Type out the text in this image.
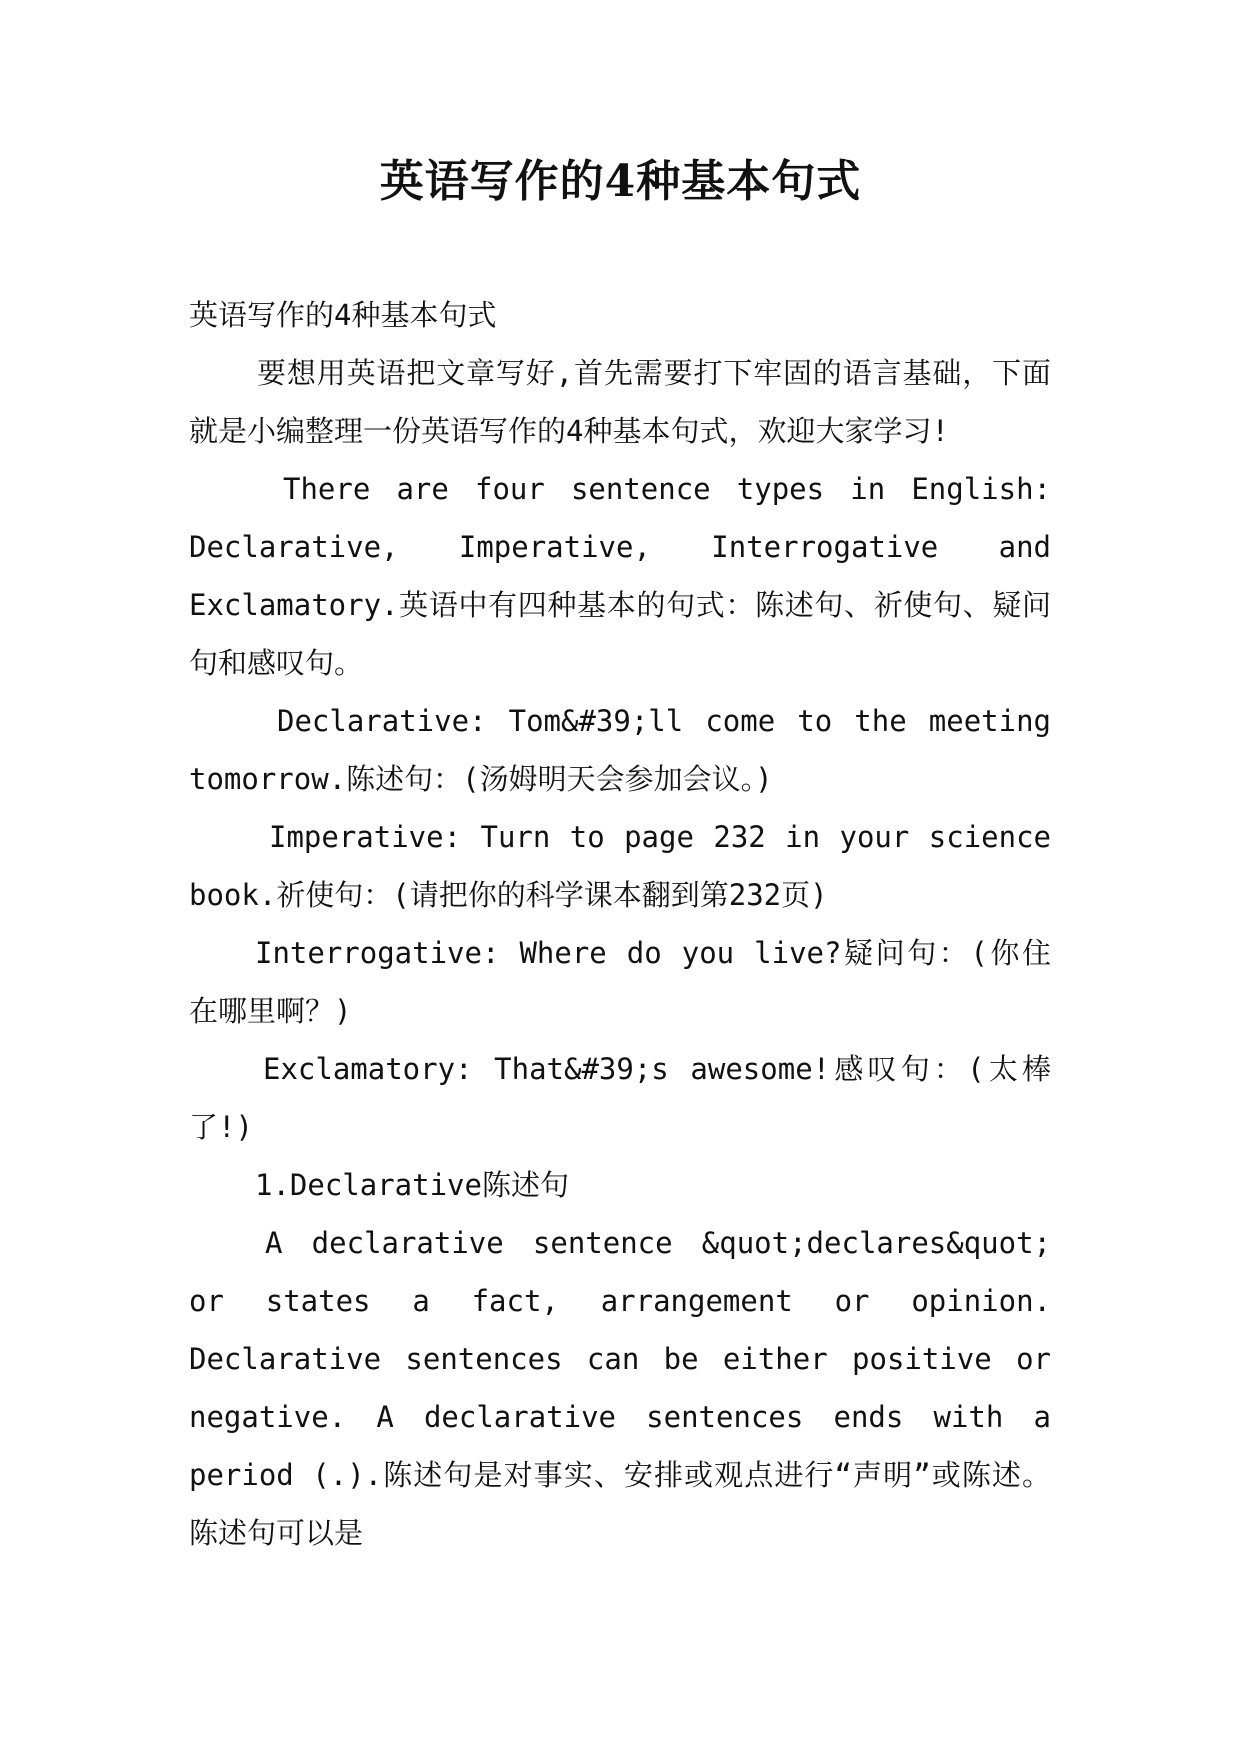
英语写作的4种基本句式

英语写作的4种基本句式

要想用英语把文章写好,首先需要打下牢固的语言基础，下面就是小编整理一份英语写作的4种基本句式，欢迎大家学习!

There are four sentence types in English: Declarative, Imperative, Interrogative and Exclamatory.英语中有四种基本的句式：陈述句、祈使句、疑问句和感叹句。

Declarative: Tom&#39;ll come to the meeting tomorrow.陈述句：(汤姆明天会参加会议。)

Imperative: Turn to page 232 in your science book.祈使句：(请把你的科学课本翻到第232页)

Interrogative: Where do you live?疑问句：(你住在哪里啊？)

Exclamatory: That&#39;s awesome!感叹句：(太棒了!)

1.Declarative陈述句

A declarative sentence &quot;declares&quot; or states a fact, arrangement or opinion. Declarative sentences can be either positive or negative. A declarative sentences ends with a period (.).陈述句是对事实、安排或观点进行“声明”或陈述。陈述句可以是
